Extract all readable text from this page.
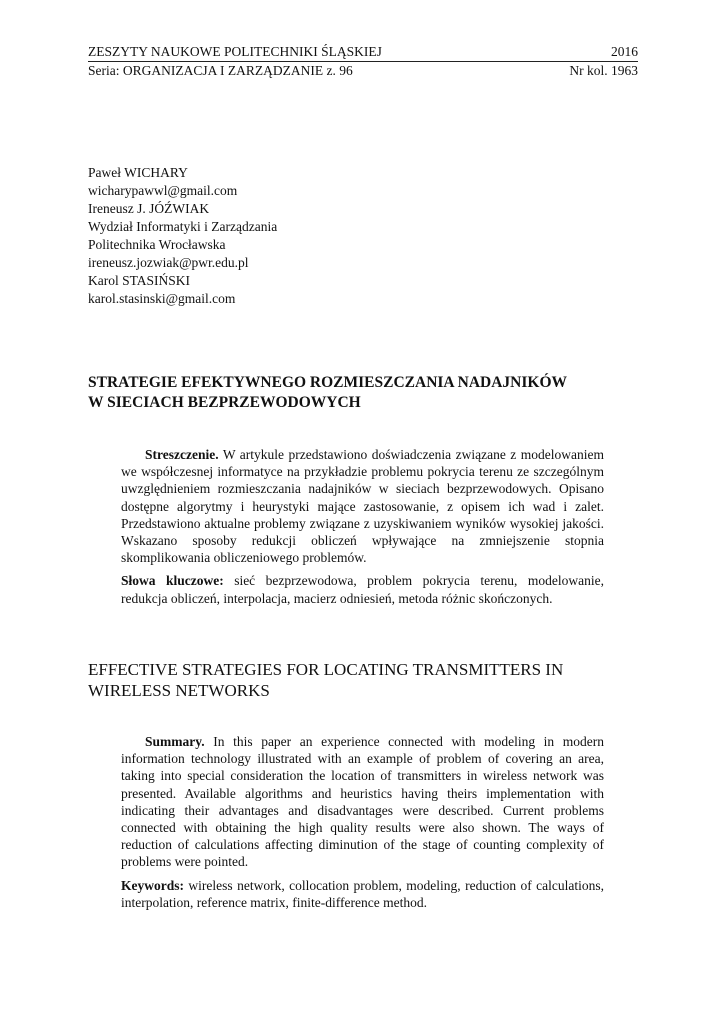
ZESZYTY NAUKOWE POLITECHNIKI ŚLĄSKIEJ	2016
Seria: ORGANIZACJA I ZARZĄDZANIE z. 96	Nr kol. 1963
Paweł WICHARY
wicharypawwl@gmail.com
Ireneusz J. JÓŹWIAK
Wydział Informatyki i Zarządzania
Politechnika Wrocławska
ireneusz.jozwiak@pwr.edu.pl
Karol STASIŃSKI
karol.stasinski@gmail.com
STRATEGIE EFEKTYWNEGO ROZMIESZCZANIA NADAJNIKÓW
W SIECIACH BEZPRZEWODOWYCH

Streszczenie. W artykule przedstawiono doświadczenia związane z modelowaniem we współczesnej informatyce na przykładzie problemu pokrycia terenu ze szczególnym uwzględnieniem rozmieszczania nadajników w sieciach bezprzewodowych. Opisano dostępne algorytmy i heurystyki mające zastosowanie, z opisem ich wad i zalet. Przedstawiono aktualne problemy związane z uzyskiwaniem wyników wysokiej jakości. Wskazano sposoby redukcji obliczeń wpływające na zmniejszenie stopnia skomplikowania obliczeniowego problemów.

Słowa kluczowe: sieć bezprzewodowa, problem pokrycia terenu, modelowanie, redukcja obliczeń, interpolacja, macierz odniesień, metoda różnic skończonych.

EFFECTIVE STRATEGIES FOR LOCATING TRANSMITTERS IN
WIRELESS NETWORKS

Summary. In this paper an experience connected with modeling in modern information technology illustrated with an example of problem of covering an area, taking into special consideration the location of transmitters in wireless network was presented. Available algorithms and heuristics having theirs implementation with indicating their advantages and disadvantages were described. Current problems connected with obtaining the high quality results were also shown. The ways of reduction of calculations affecting diminution of the stage of counting complexity of problems were pointed.

Keywords: wireless network, collocation problem, modeling, reduction of calculations, interpolation, reference matrix, finite-difference method.
